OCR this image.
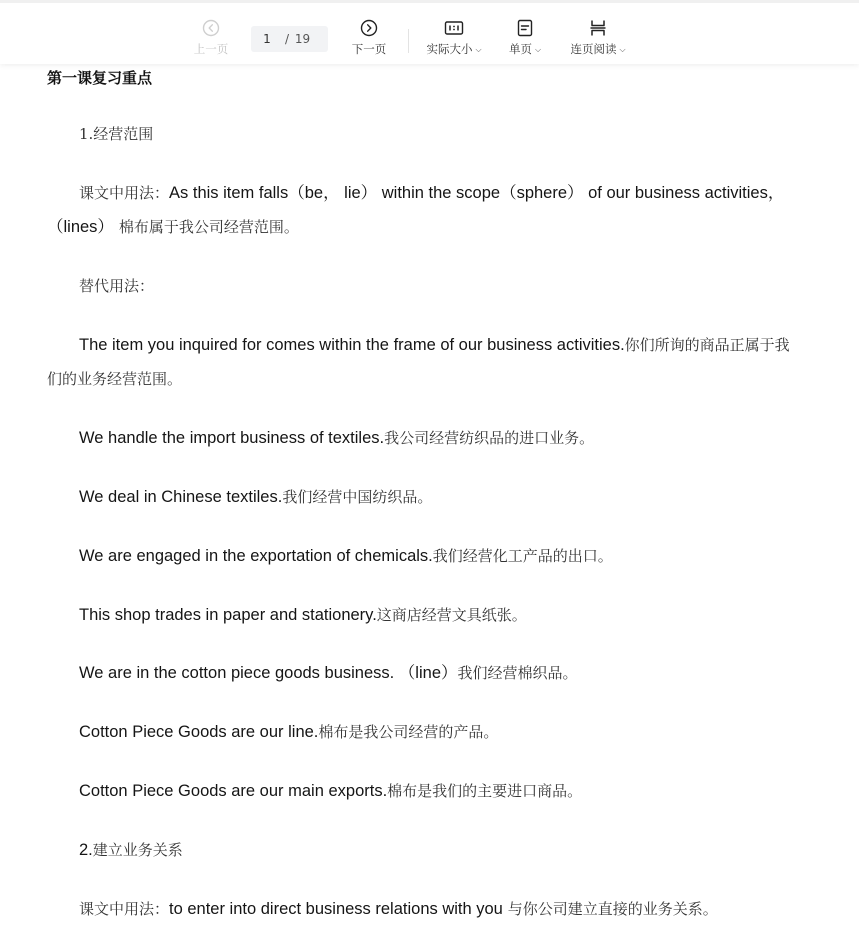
上一页
1	/ 19
下一页	实际大小 ⌵ 单页 ⌵	连页阅读 ⌵
第一课复习重点

1.经营范围

课文中用法：As this item falls（be， lie） within the scope（sphere） of our business activities，（lines） 棉布属于我公司经营范围。

替代用法：

The item you inquired for comes within the frame of our business activities.你们所询的商品正属于我们的业务经营范围。

We handle the import business of textiles.我公司经营纺织品的进口业务。

We deal in Chinese textiles.我们经营中国纺织品。

We are engaged in the exportation of chemicals.我们经营化工产品的出口。

This shop trades in paper and stationery.这商店经营文具纸张。

We are in the cotton piece goods business. （line）我们经营棉织品。

Cotton Piece Goods are our line.棉布是我公司经营的产品。

Cotton Piece Goods are our main exports.棉布是我们的主要进口商品。

2.建立业务关系

课文中用法：to enter into direct business relations with you 与你公司建立直接的业务关系。
